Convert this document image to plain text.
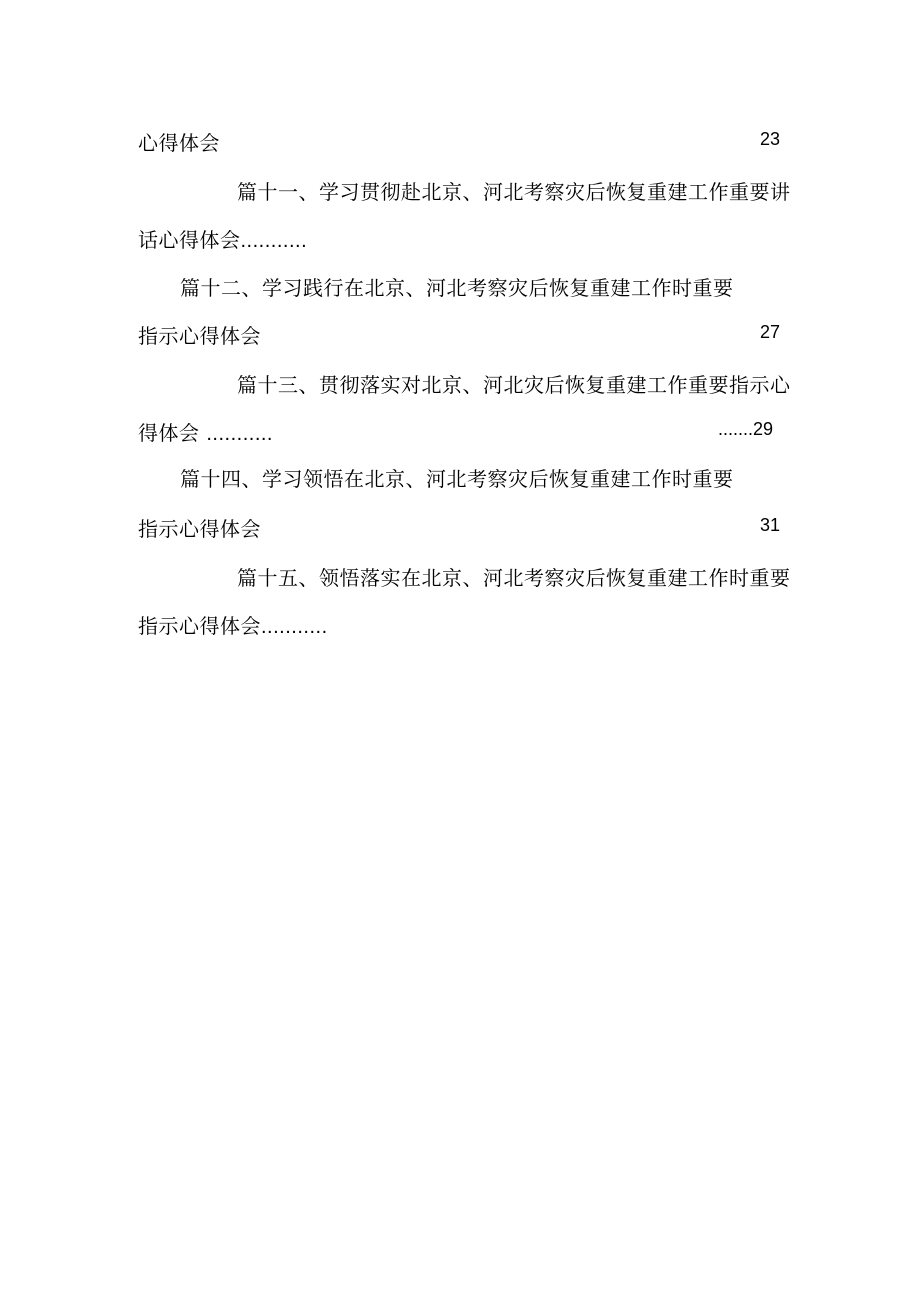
心得体会	23
篇十一、学习贯彻赴北京、河北考察灾后恢复重建工作重要讲
话心得体会...........
篇十二、学习践行在北京、河北考察灾后恢复重建工作时重要
指示心得体会	27
篇十三、贯彻落实对北京、河北灾后恢复重建工作重要指示心
得体会 ...........	.......29
篇十四、学习领悟在北京、河北考察灾后恢复重建工作时重要
指示心得体会	31
篇十五、领悟落实在北京、河北考察灾后恢复重建工作时重要
指示心得体会...........
